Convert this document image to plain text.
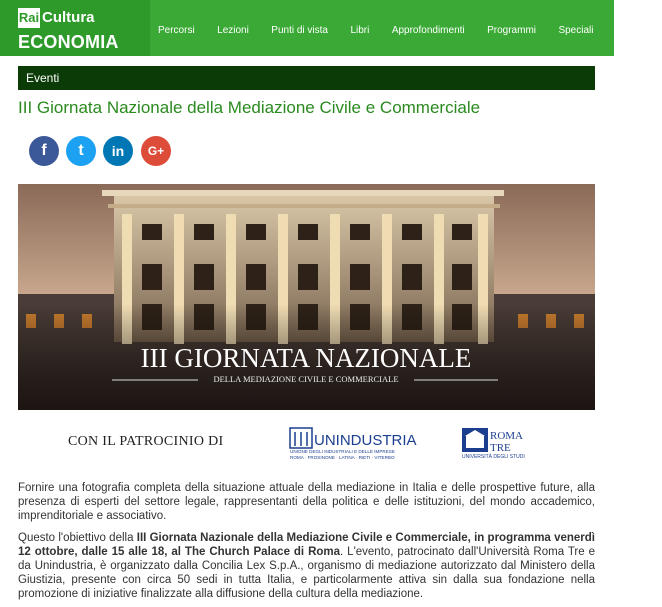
Rai Cultura
ECONOMIA
Percorsi Lezioni Punti di vista Libri Approfondimenti Programmi Speciali Eventi
Eventi
III Giornata Nazionale della Mediazione Civile e Commerciale
f	t	in	G+
III GIORNATA NAZIONALE
DELLA MEDIAZIONE CIVILE E COMMERCIALE
CON IL PATROCINIO DI	UNINDUSTRIA
UNIONE DEGLI INDUSTRIALI E DELLE IMPRESE
ROMA · FROSINONE · LATINA · RIETI · VITERBO
ROMA
TRE
UNIVERSITÀ DEGLI STUDI
Fornire una fotografia completa della situazione attuale della mediazione in Italia e delle prospettive future, alla presenza di esperti del settore legale, rappresentanti della politica e delle istituzioni, del mondo accademico, imprenditoriale e associativo.
Questo l'obiettivo della III Giornata Nazionale della Mediazione Civile e Commerciale, in programma venerdì 12 ottobre, dalle 15 alle 18, al The Church Palace di Roma. L'evento, patrocinato dall'Università Roma Tre e da Unindustria, è organizzato dalla Concilia Lex S.p.A., organismo di mediazione autorizzato dal Ministero della Giustizia, presente con circa 50 sedi in tutta Italia, e particolarmente attiva sin dalla sua fondazione nella promozione di iniziative finalizzate alla diffusione della cultura della mediazione.
